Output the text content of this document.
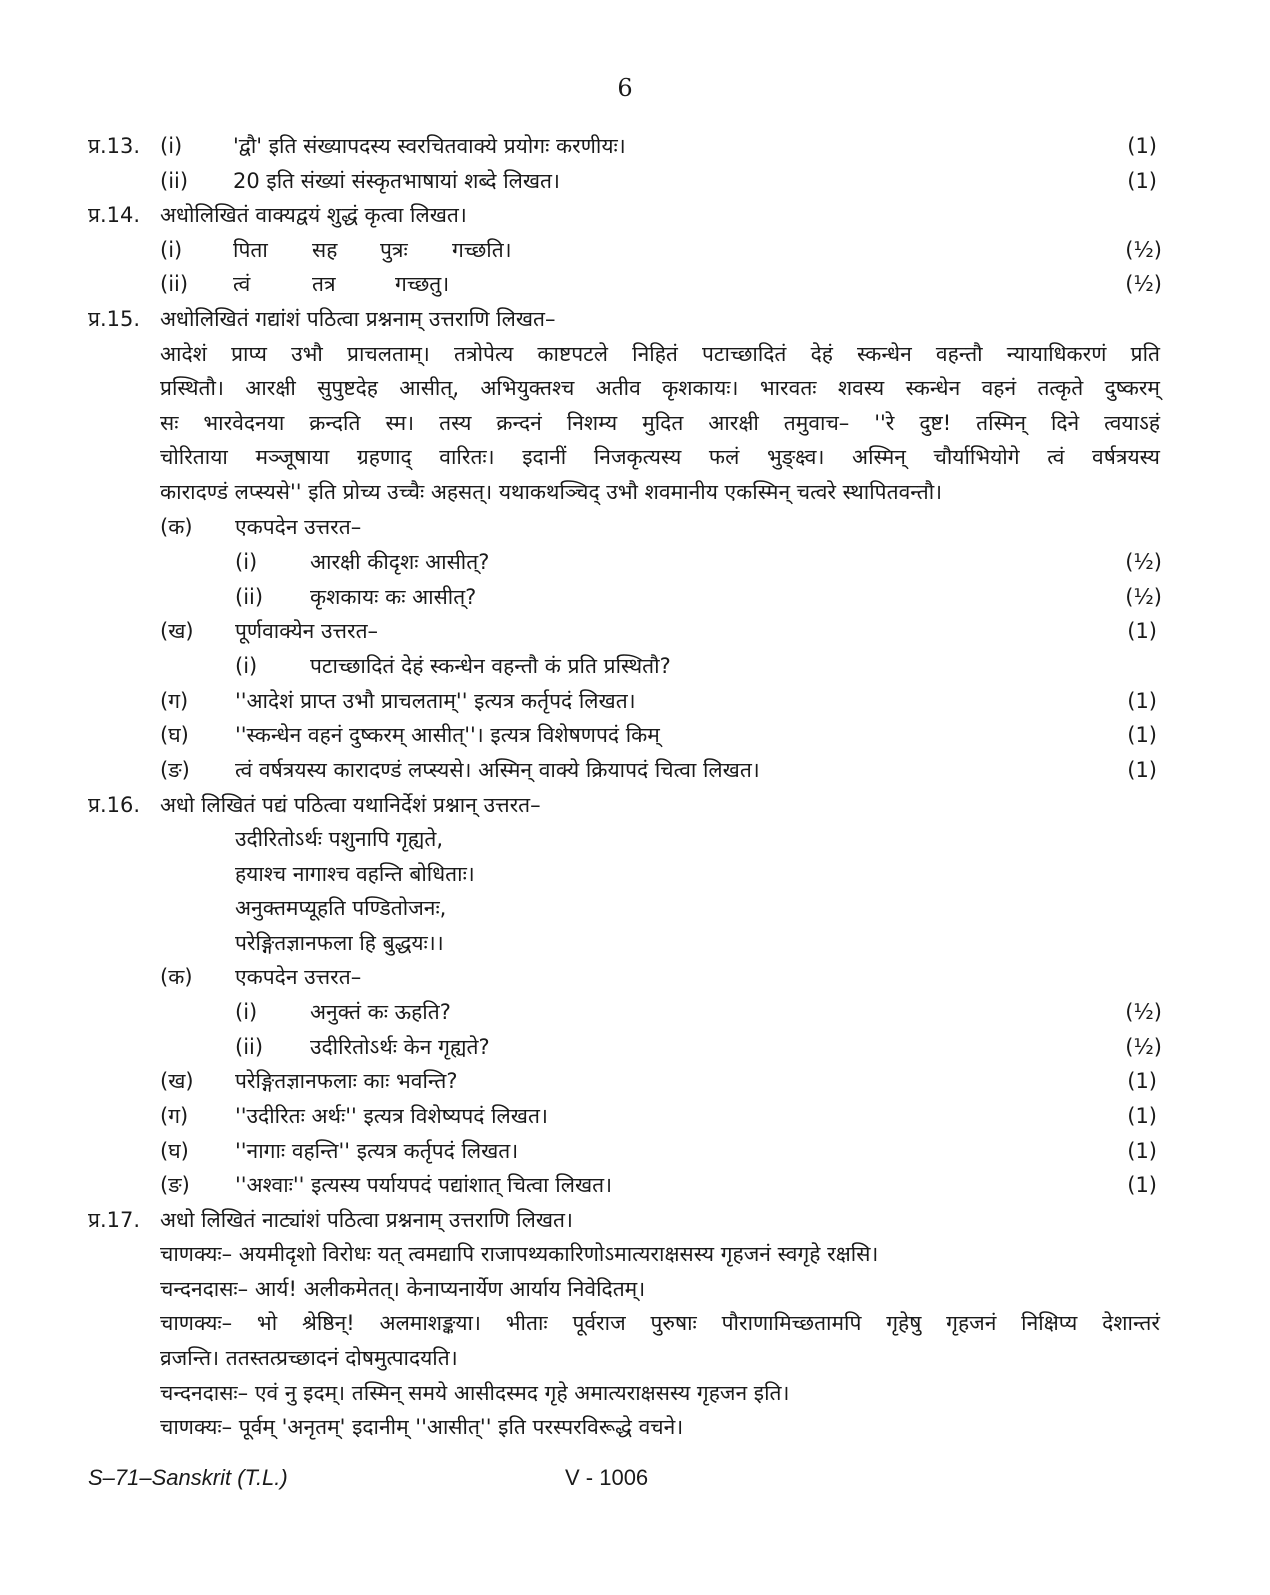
6
प्र.13. (i) 'द्वौ' इति संख्यापदस्य स्वरचितवाक्ये प्रयोगः करणीयः।	(1)
(ii) 20 इति संख्यां संस्कृतभाषायां शब्दे लिखत।	(1)
प्र.14. अधोलिखितं वाक्यद्वयं शुद्धं कृत्वा लिखत।
(i) पिता सह पुत्रः गच्छति।	(½)
(ii) त्वं	तत्र	गच्छतु।	(½)
प्र.15. अधोलिखितं गद्यांशं पठित्वा प्रश्ननाम् उत्तराणि लिखत–
आदेशं प्राप्य उभौ प्राचलताम्। तत्रोपेत्य काष्टपटले निहितं पटाच्छादितं देहं स्कन्धेन वहन्तौ न्यायाधिकरणं प्रति
प्रस्थितौ। आरक्षी सुपुष्टदेह आसीत्, अभियुक्तश्च अतीव कृशकायः। भारवतः शवस्य स्कन्धेन वहनं तत्कृते दुष्करम्
सः भारवेदनया क्रन्दति स्म। तस्य क्रन्दनं निशम्य मुदित आरक्षी तमुवाच– ''रे दुष्ट! तस्मिन् दिने त्वयाऽहं
चोरिताया मञ्जूषाया ग्रहणाद् वारितः। इदानीं निजकृत्यस्य फलं भुङ्क्ष्व। अस्मिन् चौर्याभियोगे त्वं वर्षत्रयस्य
कारादण्डं लप्स्यसे'' इति प्रोच्य उच्चैः अहसत्। यथाकथञ्चिद् उभौ शवमानीय एकस्मिन् चत्वरे स्थापितवन्तौ।
(क) एकपदेन उत्तरत–
(i)	आरक्षी कीदृशः आसीत्?	(½)
(ii) कृशकायः कः आसीत्?	(½)
(ख) पूर्णवाक्येन उत्तरत–	(1)
(i)	पटाच्छादितं देहं स्कन्धेन वहन्तौ कं प्रति प्रस्थितौ?
(ग) ''आदेशं प्राप्त उभौ प्राचलताम्'' इत्यत्र कर्तृपदं लिखत।	(1)
(घ) ''स्कन्धेन वहनं दुष्करम् आसीत्''। इत्यत्र विशेषणपदं किम्	(1)
(ङ) त्वं वर्षत्रयस्य कारादण्डं लप्स्यसे। अस्मिन् वाक्ये क्रियापदं चित्वा लिखत।	(1)
प्र.16. अधो लिखितं पद्यं पठित्वा यथानिर्देशं प्रश्नान् उत्तरत–
उदीरितोऽर्थः पशुनापि गृह्यते,
हयाश्च नागाश्च वहन्ति बोधिताः।
अनुक्तमप्यूहति पण्डितोजनः,
परेङ्गितज्ञानफला हि बुद्धयः।।
(क) एकपदेन उत्तरत–
(i)	अनुक्तं कः ऊहति?	(½)
(ii) उदीरितोऽर्थः केन गृह्यते?	(½)
(ख) परेङ्गितज्ञानफलाः काः भवन्ति?	(1)
(ग) ''उदीरितः अर्थः'' इत्यत्र विशेष्यपदं लिखत।	(1)
(घ) ''नागाः वहन्ति'' इत्यत्र कर्तृपदं लिखत।	(1)
(ङ) ''अश्वाः'' इत्यस्य पर्यायपदं पद्यांशात् चित्वा लिखत।	(1)
प्र.17. अधो लिखितं नाट्यांशं पठित्वा प्रश्ननाम् उत्तराणि लिखत।
चाणक्यः– अयमीदृशो विरोधः यत् त्वमद्यापि राजापथ्यकारिणोऽमात्यराक्षसस्य गृहजनं स्वगृहे रक्षसि।
चन्दनदासः– आर्य! अलीकमेतत्। केनाप्यनार्येण आर्याय निवेदितम्।
चाणक्यः– भो श्रेष्ठिन्! अलमाशङ्कया। भीताः पूर्वराज पुरुषाः पौराणामिच्छतामपि गृहेषु गृहजनं निक्षिप्य देशान्तरं
व्रजन्ति। ततस्तत्प्रच्छादनं दोषमुत्पादयति।
चन्दनदासः– एवं नु इदम्। तस्मिन् समये आसीदस्मद गृहे अमात्यराक्षसस्य गृहजन इति।
चाणक्यः– पूर्वम् 'अनृतम्' इदानीम् ''आसीत्'' इति परस्परविरूद्धे वचने।
S–71–Sanskrit (T.L.)	V - 1006
